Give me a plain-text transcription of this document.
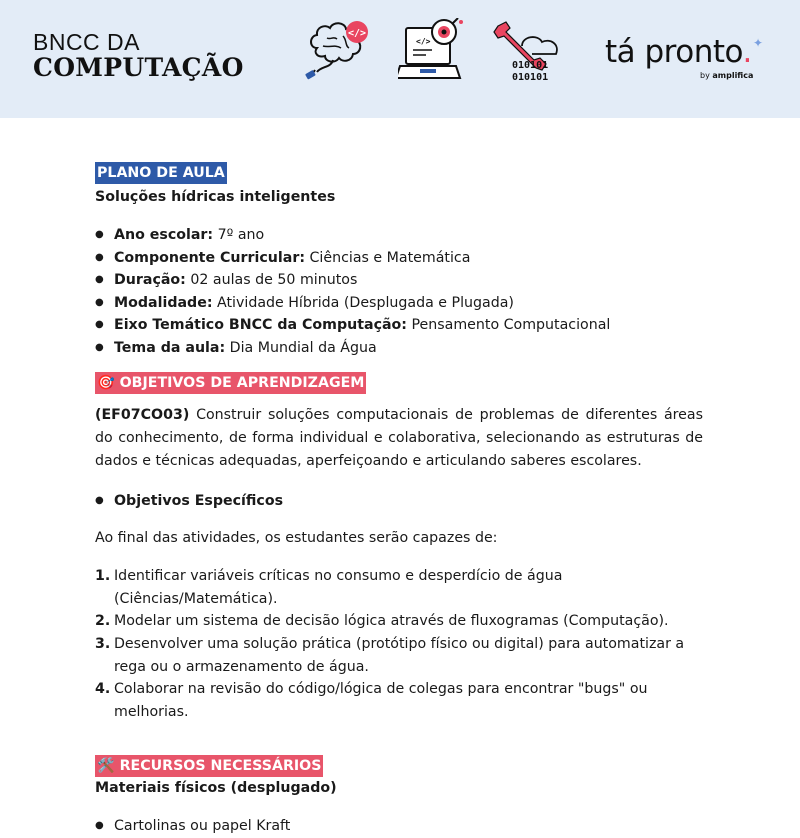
BNCC DA
COMPUTAÇÃO
</>
</>
010101
010101
tá pronto. ✦
by amplifica
PLANO DE AULA
Soluções hídricas inteligentes
● Ano escolar: 7º ano
● Componente Curricular: Ciências e Matemática
● Duração: 02 aulas de 50 minutos
● Modalidade: Atividade Híbrida (Desplugada e Plugada)
● Eixo Temático BNCC da Computação: Pensamento Computacional
● Tema da aula: Dia Mundial da Água
🎯 OBJETIVOS DE APRENDIZAGEM

(EF07CO03) Construir soluções computacionais de problemas de diferentes áreas do conhecimento, de forma individual e colaborativa, selecionando as estruturas de dados e técnicas adequadas, aperfeiçoando e articulando saberes escolares.

● Objetivos Específicos

Ao final das atividades, os estudantes serão capazes de:

1. Identificar variáveis críticas no consumo e desperdício de água (Ciências/Matemática).
2. Modelar um sistema de decisão lógica através de fluxogramas (Computação).
3. Desenvolver uma solução prática (protótipo físico ou digital) para automatizar a rega ou o armazenamento de água.
4. Colaborar na revisão do código/lógica de colegas para encontrar "bugs" ou melhorias.
🛠️ RECURSOS NECESSÁRIOS
Materiais físicos (desplugado)
● Cartolinas ou papel Kraft
